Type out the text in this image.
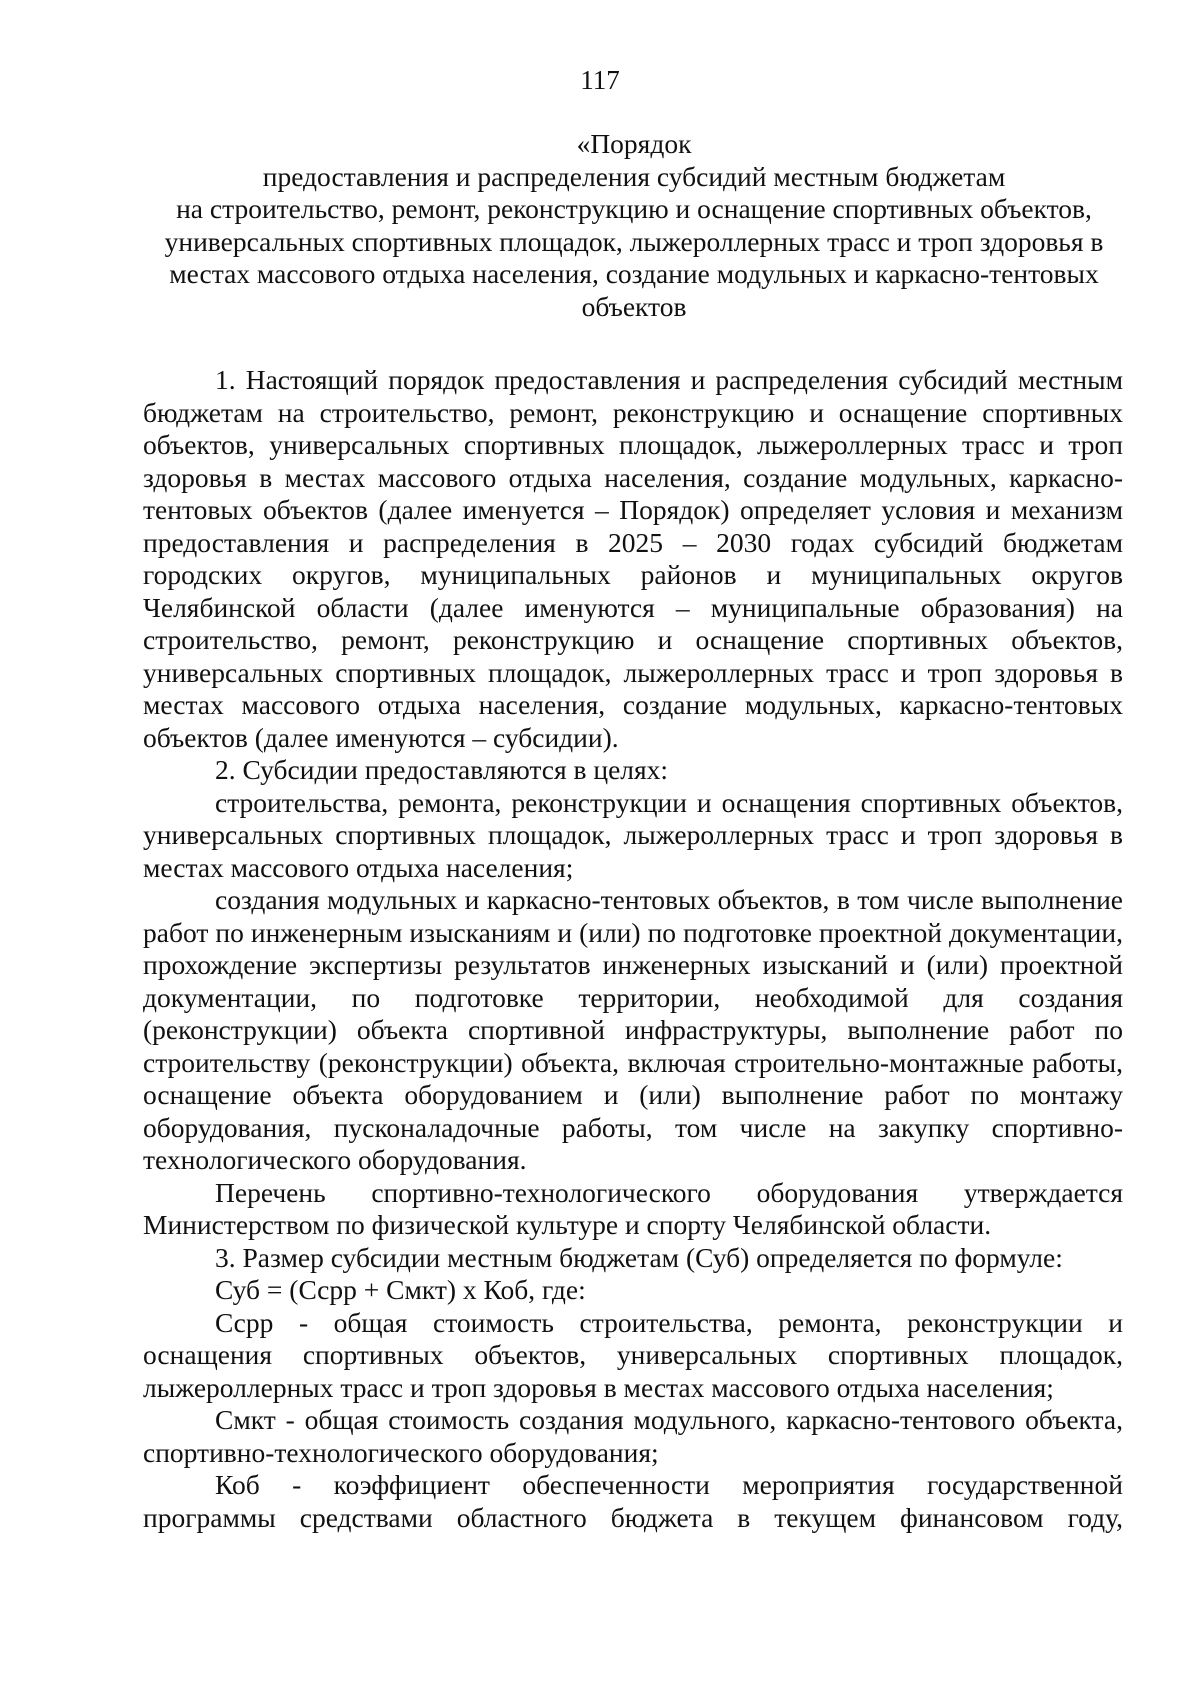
117
«Порядок
предоставления и распределения субсидий местным бюджетам
на строительство, ремонт, реконструкцию и оснащение спортивных объектов,
универсальных спортивных площадок, лыжероллерных трасс и троп здоровья в
местах массового отдыха населения, создание модульных и каркасно-тентовых
объектов

1. Настоящий порядок предоставления и распределения субсидий местным бюджетам на строительство, ремонт, реконструкцию и оснащение спортивных объектов, универсальных спортивных площадок, лыжероллерных трасс и троп здоровья в местах массового отдыха населения, создание модульных, каркасно-тентовых объектов (далее именуется – Порядок) определяет условия и механизм предоставления и распределения в 2025 – 2030 годах субсидий бюджетам городских округов, муниципальных районов и муниципальных округов Челябинской области (далее именуются – муниципальные образования) на строительство, ремонт, реконструкцию и оснащение спортивных объектов, универсальных спортивных площадок, лыжероллерных трасс и троп здоровья в местах массового отдыха населения, создание модульных, каркасно-тентовых объектов (далее именуются – субсидии).

2. Субсидии предоставляются в целях:

строительства, ремонта, реконструкции и оснащения спортивных объектов, универсальных спортивных площадок, лыжероллерных трасс и троп здоровья в местах массового отдыха населения;

создания модульных и каркасно-тентовых объектов, в том числе выполнение работ по инженерным изысканиям и (или) по подготовке проектной документации, прохождение экспертизы результатов инженерных изысканий и (или) проектной документации, по подготовке территории, необходимой для создания (реконструкции) объекта спортивной инфраструктуры, выполнение работ по строительству (реконструкции) объекта, включая строительно-монтажные работы, оснащение объекта оборудованием и (или) выполнение работ по монтажу оборудования, пусконаладочные работы, том числе на закупку спортивно-технологического оборудования.

Перечень спортивно-технологического оборудования утверждается Министерством по физической культуре и спорту Челябинской области.

3. Размер субсидии местным бюджетам (Суб) определяется по формуле:

Суб = (Ссрр + Смкт) х Коб, где:

Ссрр - общая стоимость строительства, ремонта, реконструкции и оснащения спортивных объектов, универсальных спортивных площадок, лыжероллерных трасс и троп здоровья в местах массового отдыха населения;

Смкт - общая стоимость создания модульного, каркасно-тентового объекта, спортивно-технологического оборудования;

Коб - коэффициент обеспеченности мероприятия государственной программы средствами областного бюджета в текущем финансовом году,
